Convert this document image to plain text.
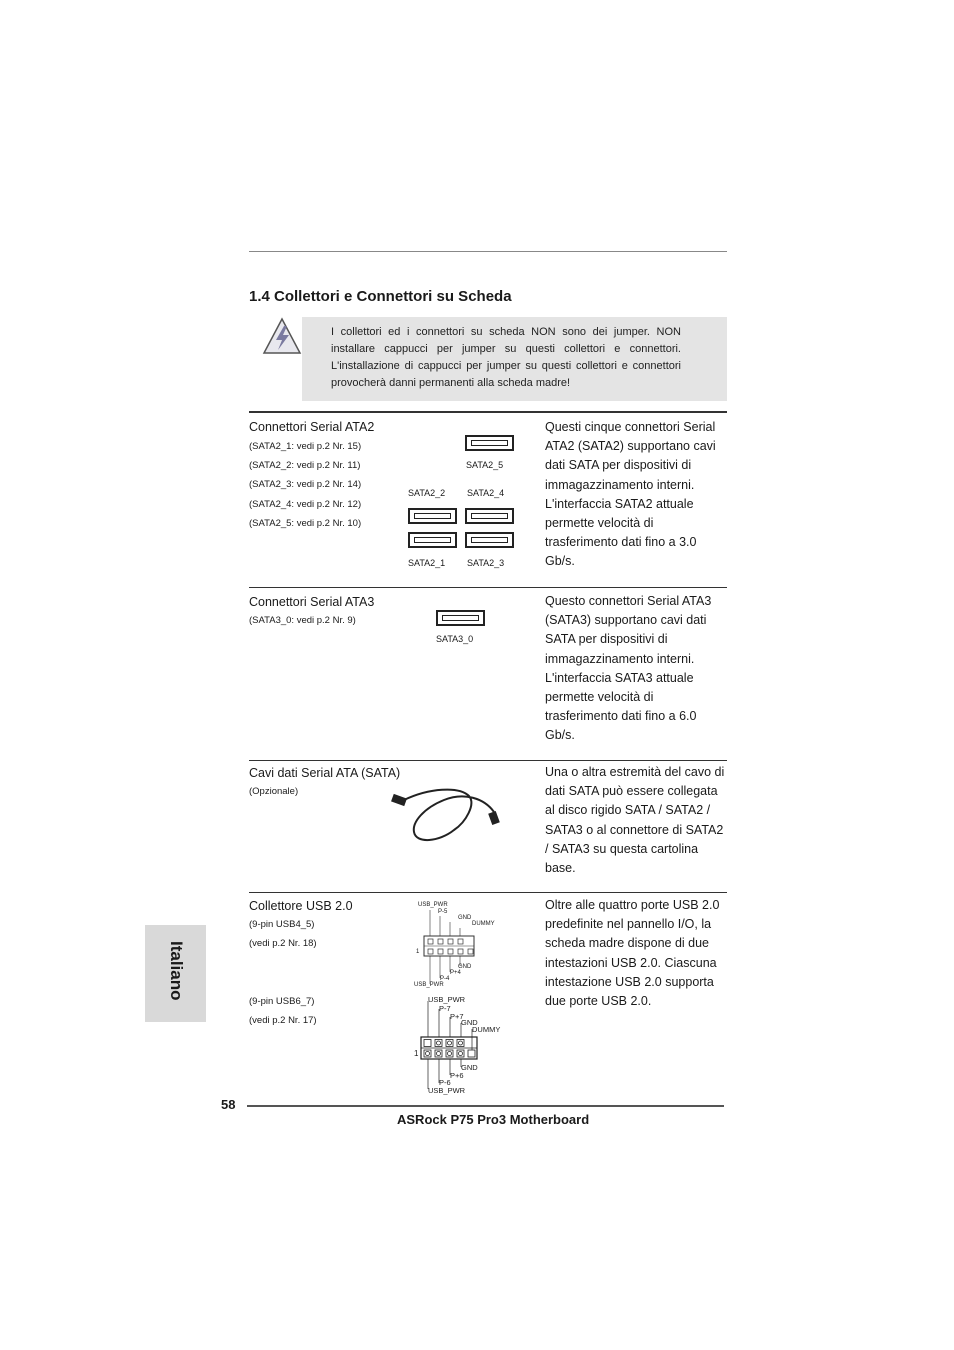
1.4 Collettori e Connettori su Scheda
I collettori ed i connettori su scheda NON sono dei jumper. NON installare cappucci per jumper su questi collettori e connettori. L'installazione di cappucci per jumper su questi collettori e connettori provocherà danni permanenti alla scheda madre!
Connettori Serial ATA2
(SATA2_1: vedi p.2 Nr. 15)
(SATA2_2: vedi p.2 Nr. 11)
(SATA2_3: vedi p.2 Nr. 14)
(SATA2_4: vedi p.2 Nr. 12)
(SATA2_5: vedi p.2 Nr. 10)
SATA2_5
SATA2_2 SATA2_4
SATA2_1 SATA2_3
Questi cinque connettori Serial ATA2 (SATA2) supportano cavi dati SATA per dispositivi di immagazzinamento interni. L'interfaccia SATA2 attuale permette velocità di trasferimento dati fino a 3.0 Gb/s.
Connettori Serial ATA3
(SATA3_0: vedi p.2 Nr. 9)
SATA3_0
Questo connettori Serial ATA3 (SATA3) supportano cavi dati SATA per dispositivi di immagazzinamento interni. L'interfaccia SATA3 attuale permette velocità di trasferimento dati fino a 6.0 Gb/s.
Cavi dati Serial ATA (SATA)
(Opzionale)
Una o altra estremità del cavo di dati SATA può essere collegata al disco rigido SATA / SATA2 / SATA3 o al connettore di SATA2 / SATA3 su questa cartolina base.
Collettore USB 2.0
(9-pin USB4_5)
(vedi p.2 Nr. 18)
(9-pin USB6_7)
(vedi p.2 Nr. 17)
USB_PWR
P-5
GND
DUMMY
GND
P+4
P-4
USB_PWR
1
USB_PWR
P-7
P+7
GND
DUMMY
GND
P+6
P-6
USB_PWR
1
Oltre alle quattro porte USB 2.0 predefinite nel pannello I/O, la scheda madre dispone di due intestazioni USB 2.0. Ciascuna intestazione USB 2.0 supporta due porte USB 2.0.
Italiano
58
ASRock P75 Pro3 Motherboard
